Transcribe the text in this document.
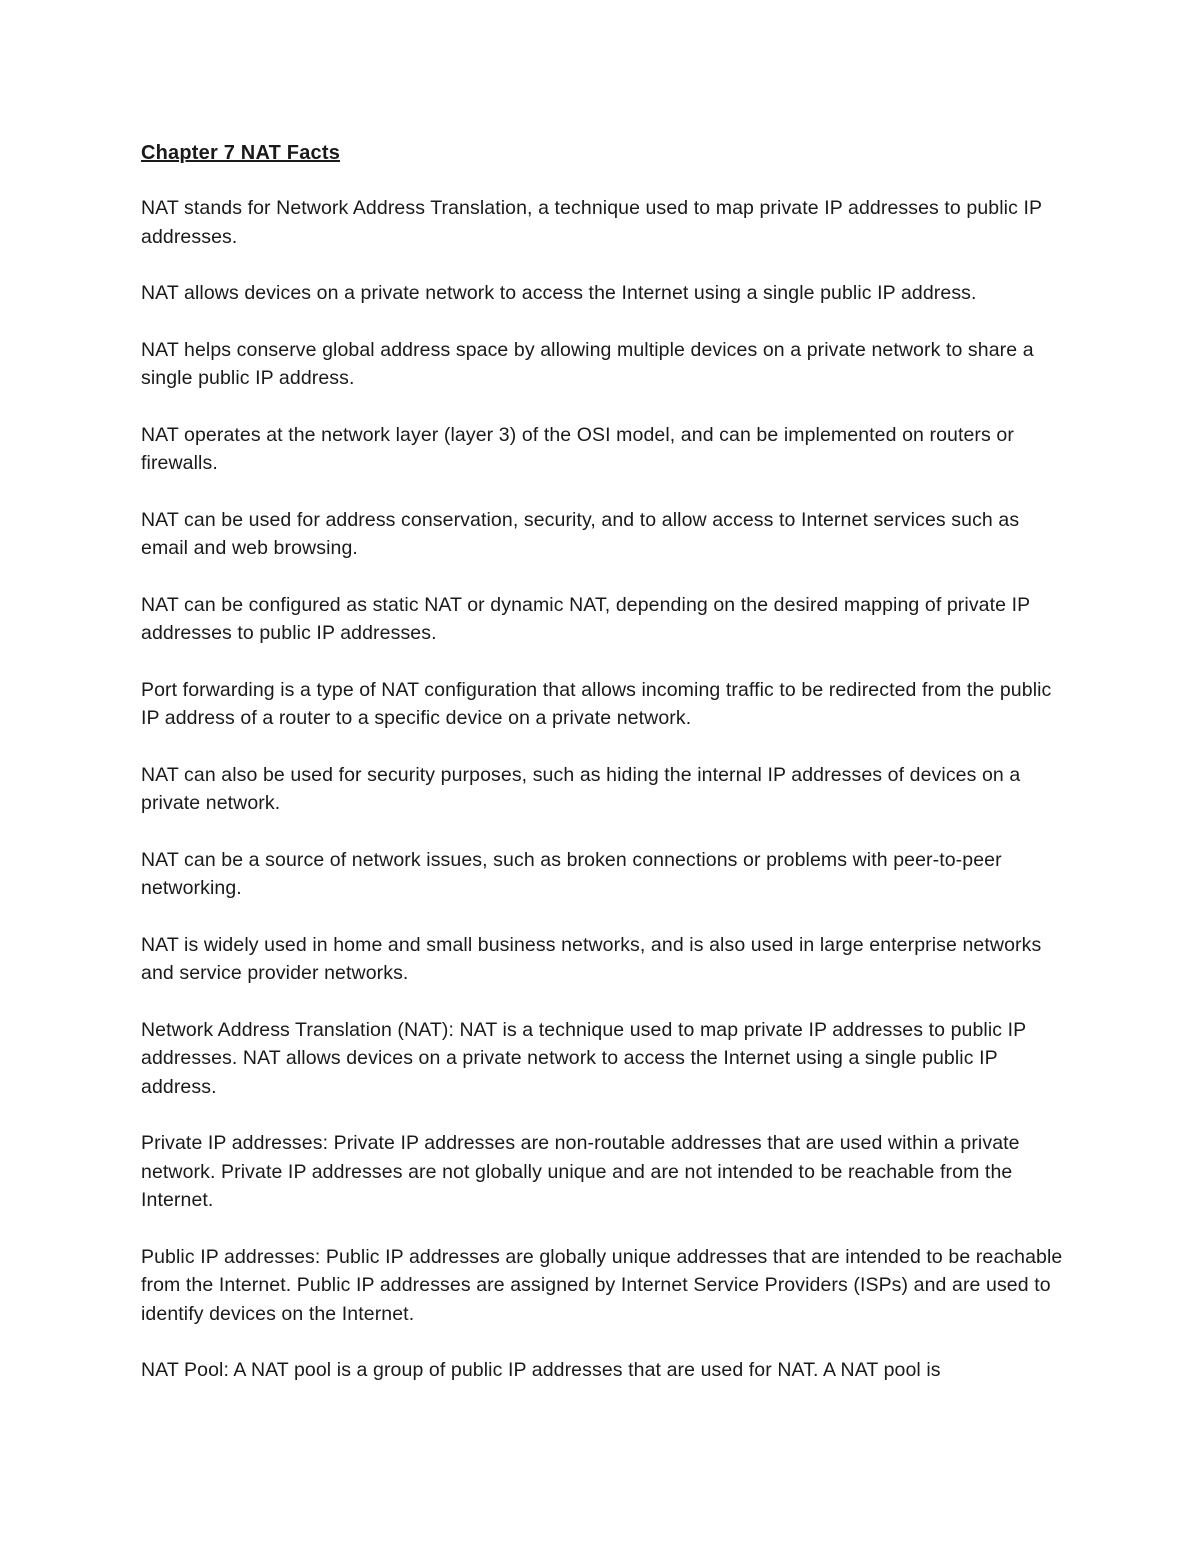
Chapter 7 NAT Facts

NAT stands for Network Address Translation, a technique used to map private IP addresses to public IP addresses.

NAT allows devices on a private network to access the Internet using a single public IP address.

NAT helps conserve global address space by allowing multiple devices on a private network to share a single public IP address.

NAT operates at the network layer (layer 3) of the OSI model, and can be implemented on routers or firewalls.

NAT can be used for address conservation, security, and to allow access to Internet services such as email and web browsing.

NAT can be configured as static NAT or dynamic NAT, depending on the desired mapping of private IP addresses to public IP addresses.

Port forwarding is a type of NAT configuration that allows incoming traffic to be redirected from the public IP address of a router to a specific device on a private network.

NAT can also be used for security purposes, such as hiding the internal IP addresses of devices on a private network.

NAT can be a source of network issues, such as broken connections or problems with peer-to-peer networking.

NAT is widely used in home and small business networks, and is also used in large enterprise networks and service provider networks.

Network Address Translation (NAT): NAT is a technique used to map private IP addresses to public IP addresses. NAT allows devices on a private network to access the Internet using a single public IP address.

Private IP addresses: Private IP addresses are non-routable addresses that are used within a private network. Private IP addresses are not globally unique and are not intended to be reachable from the Internet.

Public IP addresses: Public IP addresses are globally unique addresses that are intended to be reachable from the Internet. Public IP addresses are assigned by Internet Service Providers (ISPs) and are used to identify devices on the Internet.

NAT Pool: A NAT pool is a group of public IP addresses that are used for NAT. A NAT pool is
